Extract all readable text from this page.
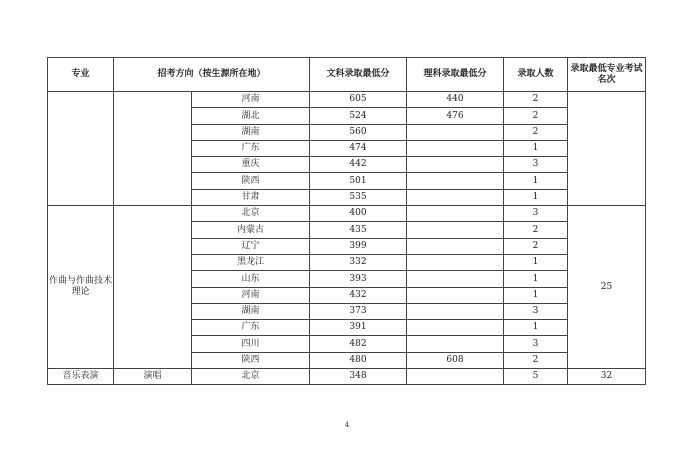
专业	招考方向（按生源所在地）		文科录取最低分	理科录取最低分	录取人数	录取最低专业考试名次
		河南	605	440	2	
		湖北	524	476	2	
		湖南	560		2	
		广东	474		1	
		重庆	442		3	
		陕西	501		1	
		甘肃	535		1	
作曲与作曲技术理论		北京	400		3	25
		内蒙古	435		2	
		辽宁	399		2	
		黑龙江	332		1	
		山东	393		1	
		河南	432		1	
		湖南	373		3	
		广东	391		1	
		四川	482		3	
		陕西	480	608	2	
音乐表演	演唱	北京	348		5	32
4
